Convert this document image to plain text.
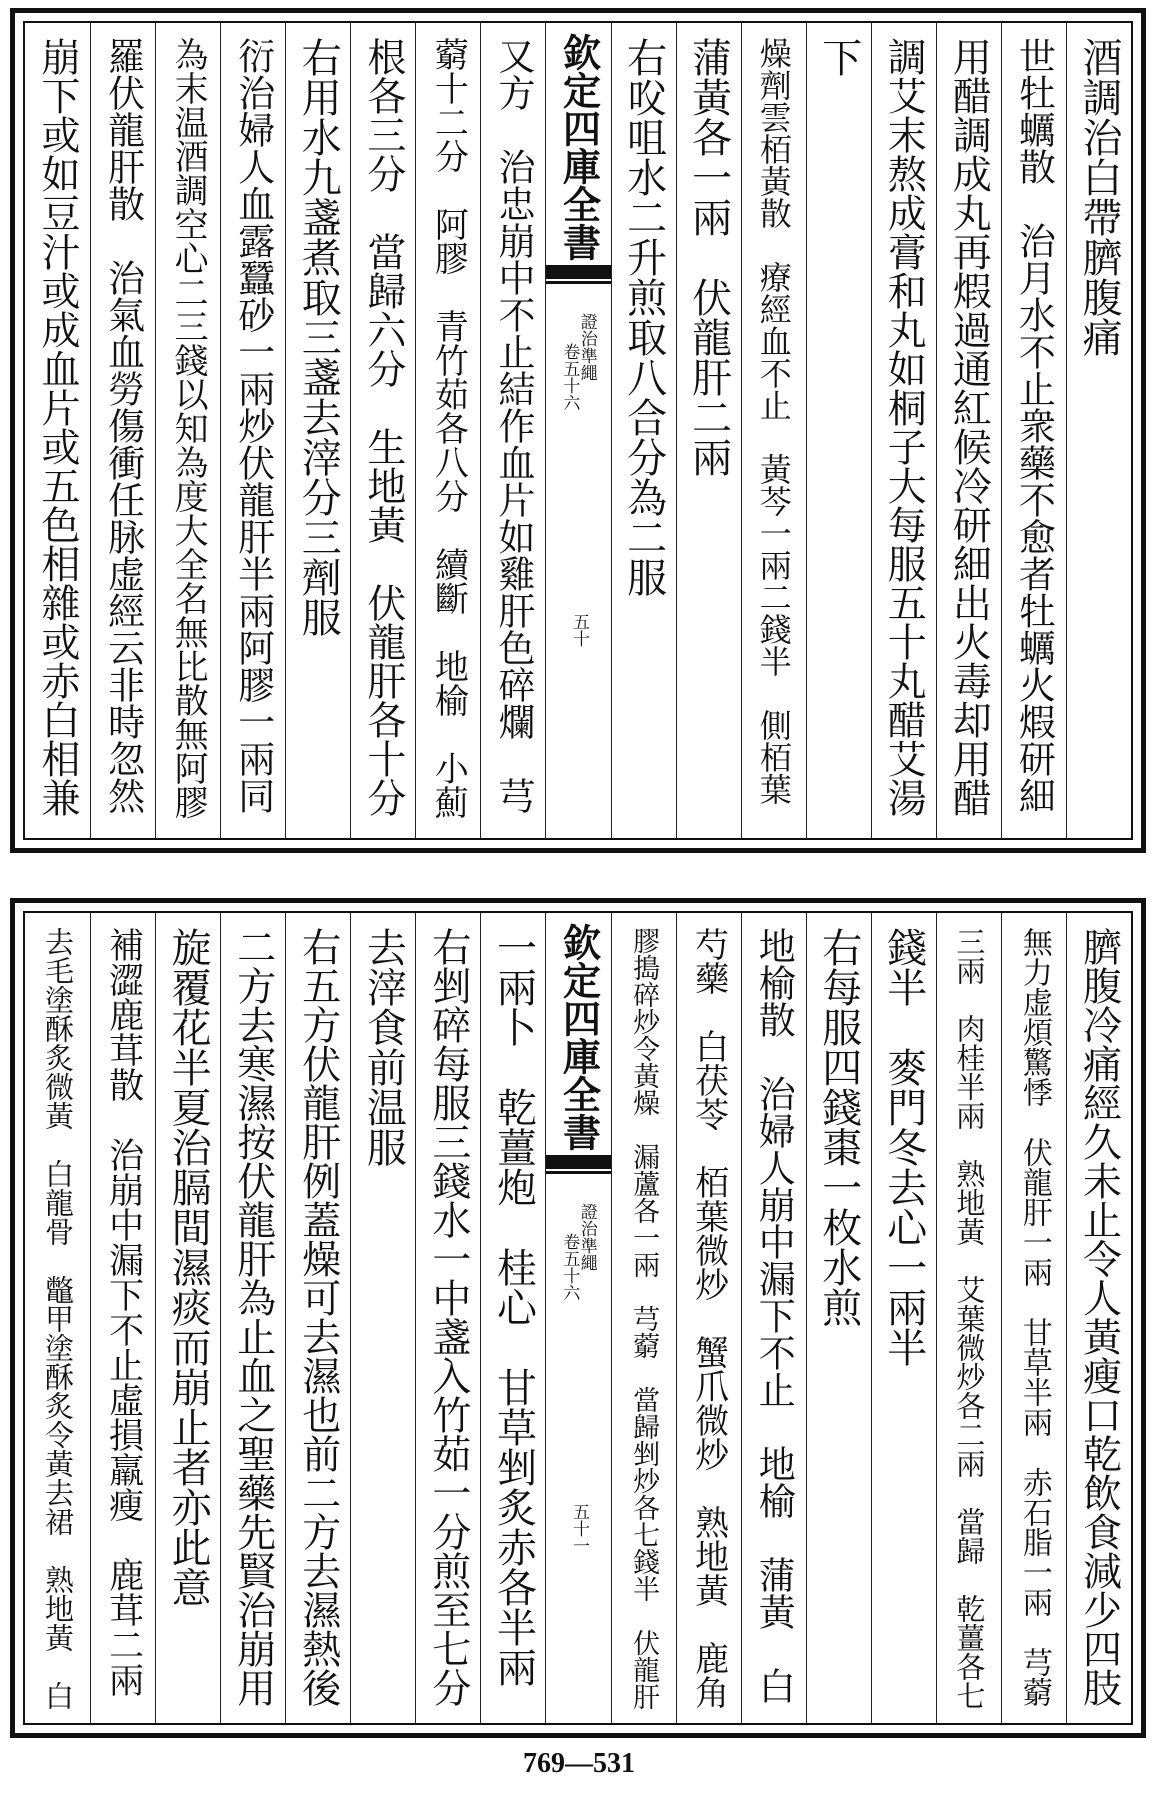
酒調治白帶臍腹痛
世牡蠣散　治月水不止衆藥不愈者牡蠣火煆研細
用醋調成丸再煆過通紅候冷研細出火毒却用醋
調艾末熬成膏和丸如桐子大每服五十丸醋艾湯
下
燥劑雲栢黃散　療經血不止　黃芩一兩二錢半　側栢葉
蒲黃各一兩　伏龍肝二兩
右㕮咀水二升煎取八合分為二服
欽定四庫全書
證治準繩
卷五十六
五十
又方　治忠崩中不止結作血片如雞肝色碎爛　芎
藭十二分　阿膠　青竹茹各八分　續斷　地榆　小薊
根各三分　當歸六分　生地黃　伏龍肝各十分
右用水九盞煮取三盞去滓分三劑服
衍治婦人血露蠶砂一兩炒伏龍肝半兩阿膠一兩同
為末温酒調空心二三錢以知為度大全名無比散無阿膠
羅伏龍肝散　治氣血勞傷衝任脉虚經云非時忽然
崩下或如豆汁或成血片或五色相雜或赤白相兼
臍腹冷痛經久未止令人黃瘦口乾飲食減少四肢
無力虚煩驚悸　伏龍肝一兩　甘草半兩　赤石脂一兩　芎藭
三兩　肉桂半兩　熟地黃　艾葉微炒各二兩　當歸　乾薑各七
錢半　麥門冬去心一兩半
右每服四錢棗一枚水煎
地榆散　治婦人崩中漏下不止　地榆　蒲黃　白
芍藥　白茯苓　栢葉微炒　蟹爪微炒　熟地黃　鹿角
膠搗碎炒令黃燥　漏蘆各一兩　芎藭　當歸剉炒各七錢半　伏龍肝
欽定四庫全書
證治準繩
卷五十六
五十一
一兩卜　乾薑炮　桂心　甘草剉炙赤各半兩
右剉碎每服三錢水一中盞入竹茹一分煎至七分
去滓食前温服
右五方伏龍肝例蓋燥可去濕也前二方去濕熱後
二方去寒濕按伏龍肝為止血之聖藥先賢治崩用
旋覆花半夏治膈間濕痰而崩止者亦此意
補澀鹿茸散　治崩中漏下不止虛損羸瘦　鹿茸二兩
去毛塗酥炙微黃　白龍骨　鼈甲塗酥炙令黃去裙　熟地黃　白
769—531
